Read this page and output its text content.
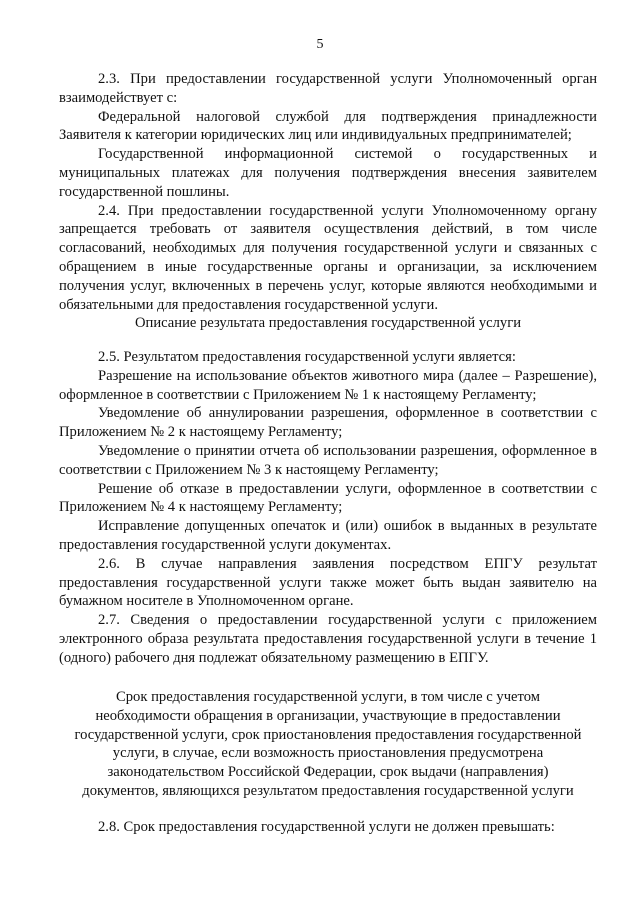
5

2.3. При предоставлении государственной услуги Уполномоченный орган взаимодействует с:

Федеральной налоговой службой для подтверждения принадлежности Заявителя к категории юридических лиц или индивидуальных предпринимателей;

Государственной информационной системой о государственных и муниципальных платежах для получения подтверждения внесения заявителем государственной пошлины.

2.4. При предоставлении государственной услуги Уполномоченному органу запрещается требовать от заявителя осуществления действий, в том числе согласований, необходимых для получения государственной услуги и связанных с обращением в иные государственные органы и организации, за исключением получения услуг, включенных в перечень услуг, которые являются необходимыми и обязательными для предоставления государственной услуги.

Описание результата предоставления государственной услуги

2.5. Результатом предоставления государственной услуги является:

Разрешение на использование объектов животного мира (далее – Разрешение), оформленное в соответствии с Приложением № 1 к настоящему Регламенту;

Уведомление об аннулировании разрешения, оформленное в соответствии с Приложением № 2 к настоящему Регламенту;

Уведомление о принятии отчета об использовании разрешения, оформленное в соответствии с Приложением № 3 к настоящему Регламенту;

Решение об отказе в предоставлении услуги, оформленное в соответствии с Приложением № 4 к настоящему Регламенту;

Исправление допущенных опечаток и (или) ошибок в выданных в результате предоставления государственной услуги документах.

2.6. В случае направления заявления посредством ЕПГУ результат предоставления государственной услуги также может быть выдан заявителю на бумажном носителе в Уполномоченном органе.

2.7. Сведения о предоставлении государственной услуги с приложением электронного образа результата предоставления государственной услуги в течение 1 (одного) рабочего дня подлежат обязательному размещению в ЕПГУ.

Срок предоставления государственной услуги, в том числе с учетом
необходимости обращения в организации, участвующие в предоставлении
государственной услуги, срок приостановления предоставления государственной
услуги, в случае, если возможность приостановления предусмотрена
законодательством Российской Федерации, срок выдачи (направления)
документов, являющихся результатом предоставления государственной услуги

2.8. Срок предоставления государственной услуги не должен превышать:
